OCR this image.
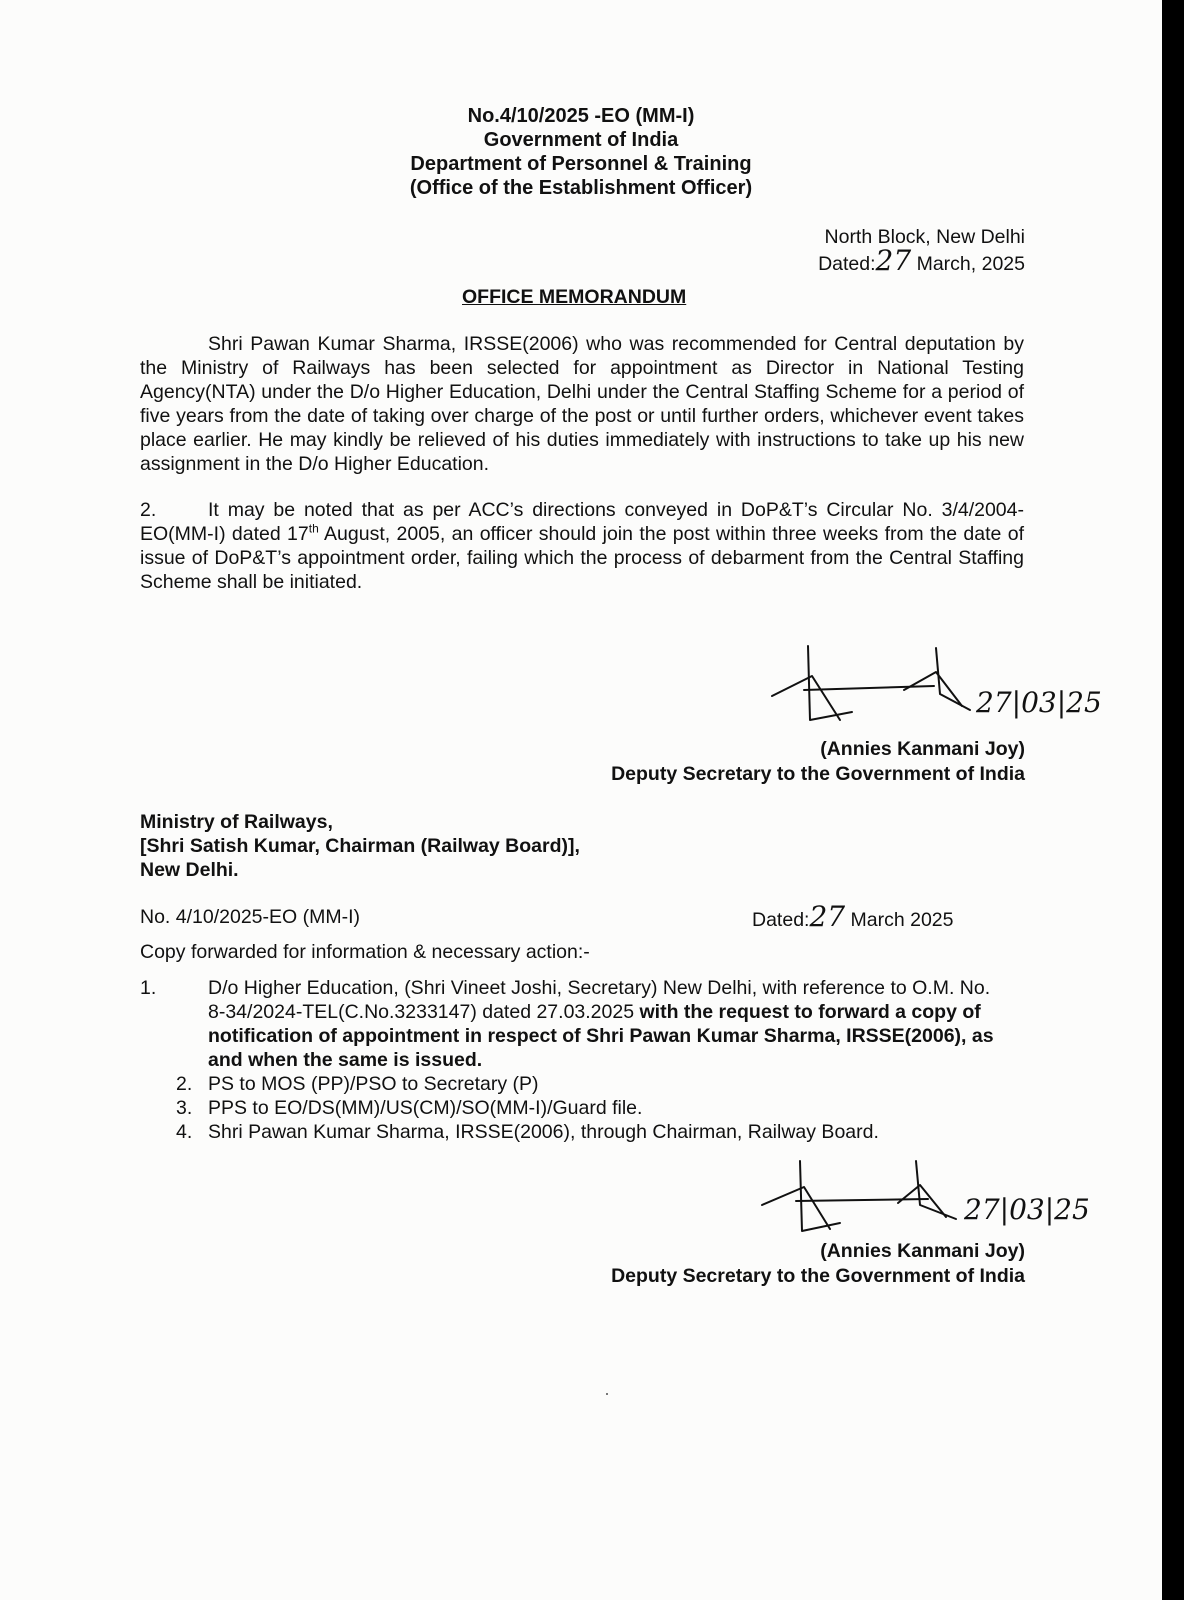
No.4/10/2025 -EO (MM-I)
Government of India
Department of Personnel & Training
(Office of the Establishment Officer)
North Block, New Delhi
Dated:27 March, 2025
OFFICE MEMORANDUM
Shri Pawan Kumar Sharma, IRSSE(2006) who was recommended for Central deputation by the Ministry of Railways has been selected for appointment as Director in National Testing Agency(NTA) under the D/o Higher Education, Delhi under the Central Staffing Scheme for a period of five years from the date of taking over charge of the post or until further orders, whichever event takes place earlier. He may kindly be relieved of his duties immediately with instructions to take up his new assignment in the D/o Higher Education.
2.	It may be noted that as per ACC’s directions conveyed in DoP&T’s Circular No. 3/4/2004-EO(MM-I) dated 17th August, 2005, an officer should join the post within three weeks from the date of issue of DoP&T’s appointment order, failing which the process of debarment from the Central Staffing Scheme shall be initiated.
27|03|25
(Annies Kanmani Joy)
Deputy Secretary to the Government of India
Ministry of Railways,
[Shri Satish Kumar, Chairman (Railway Board)],
New Delhi.
No. 4/10/2025-EO (MM-I)	Dated:27 March 2025
Copy forwarded for information & necessary action:-
1.	D/o Higher Education, (Shri Vineet Joshi, Secretary) New Delhi, with reference to O.M. No. 8-34/2024-TEL(C.No.3233147) dated 27.03.2025 with the request to forward a copy of notification of appointment in respect of Shri Pawan Kumar Sharma, IRSSE(2006), as and when the same is issued.
2. PS to MOS (PP)/PSO to Secretary (P)
3. PPS to EO/DS(MM)/US(CM)/SO(MM-I)/Guard file.
4. Shri Pawan Kumar Sharma, IRSSE(2006), through Chairman, Railway Board.
27|03|25
(Annies Kanmani Joy)
Deputy Secretary to the Government of India
